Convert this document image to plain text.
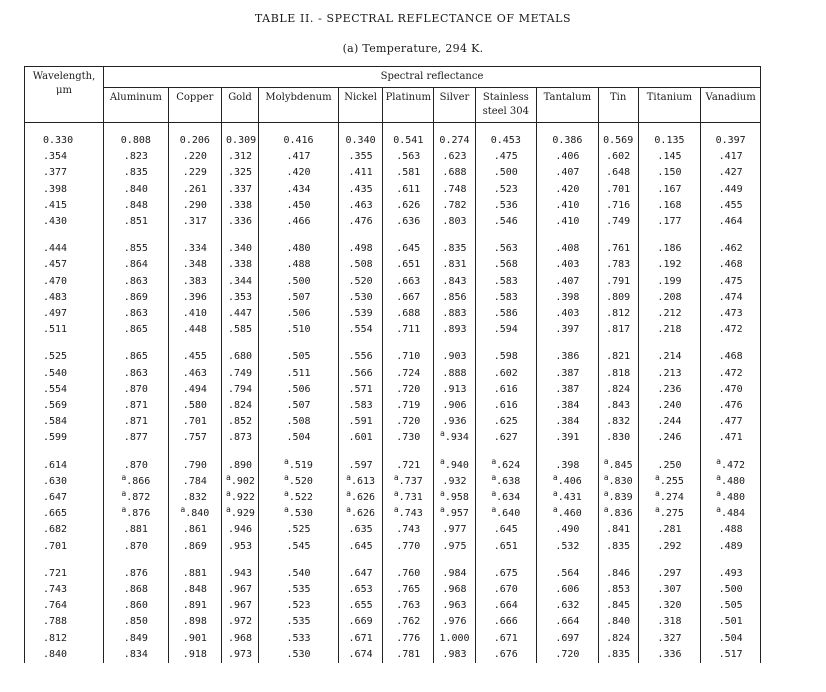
TABLE II. - SPECTRAL REFLECTANCE OF METALS
(a) Temperature, 294 K.
Wavelength,
μm	Spectral reflectance											
	Aluminum	Copper	Gold	Molybdenum	Nickel	Platinum	Silver	Stainless steel 304	Tantalum	Tin	Titanium	Vanadium

0.330	0.808	0.206	0.309	0.416	0.340	0.541	0.274	0.453	0.386	0.569	0.135	0.397
.354	.823	.220	.312	.417	.355	.563	.623	.475	.406	.602	.145	.417
.377	.835	.229	.325	.420	.411	.581	.688	.500	.407	.648	.150	.427
.398	.840	.261	.337	.434	.435	.611	.748	.523	.420	.701	.167	.449
.415	.848	.290	.338	.450	.463	.626	.782	.536	.410	.716	.168	.455
.430	.851	.317	.336	.466	.476	.636	.803	.546	.410	.749	.177	.464

.444	.855	.334	.340	.480	.498	.645	.835	.563	.408	.761	.186	.462
.457	.864	.348	.338	.488	.508	.651	.831	.568	.403	.783	.192	.468
.470	.863	.383	.344	.500	.520	.663	.843	.583	.407	.791	.199	.475
.483	.869	.396	.353	.507	.530	.667	.856	.583	.398	.809	.208	.474
.497	.863	.410	.447	.506	.539	.688	.883	.586	.403	.812	.212	.473
.511	.865	.448	.585	.510	.554	.711	.893	.594	.397	.817	.218	.472

.525	.865	.455	.680	.505	.556	.710	.903	.598	.386	.821	.214	.468
.540	.863	.463	.749	.511	.566	.724	.888	.602	.387	.818	.213	.472
.554	.870	.494	.794	.506	.571	.720	.913	.616	.387	.824	.236	.470
.569	.871	.580	.824	.507	.583	.719	.906	.616	.384	.843	.240	.476
.584	.871	.701	.852	.508	.591	.720	.936	.625	.384	.832	.244	.477
.599	.877	.757	.873	.504	.601	.730	$^a$.934	.627	.391	.830	.246	.471

.614	.870	.790	.890	$^a$.519	.597	.721	$^a$.940	$^a$.624	.398	$^a$.845	.250	$^a$.472
.630	$^a$.866	.784	$^a$.902	$^a$.520	$^a$.613	$^a$.737	.932	$^a$.638	$^a$.406	$^a$.830	$^a$.255	$^a$.480
.647	$^a$.872	.832	$^a$.922	$^a$.522	$^a$.626	$^a$.731	$^a$.958	$^a$.634	$^a$.431	$^a$.839	$^a$.274	$^a$.480
.665	$^a$.876	$^a$.840	$^a$.929	$^a$.530	$^a$.626	$^a$.743	$^a$.957	$^a$.640	$^a$.460	$^a$.836	$^a$.275	$^a$.484
.682	.881	.861	.946	.525	.635	.743	.977	.645	.490	.841	.281	.488
.701	.870	.869	.953	.545	.645	.770	.975	.651	.532	.835	.292	.489

.721	.876	.881	.943	.540	.647	.760	.984	.675	.564	.846	.297	.493
.743	.868	.848	.967	.535	.653	.765	.968	.670	.606	.853	.307	.500
.764	.860	.891	.967	.523	.655	.763	.963	.664	.632	.845	.320	.505
.788	.850	.898	.972	.535	.669	.762	.976	.666	.664	.840	.318	.501
.812	.849	.901	.968	.533	.671	.776	1.000	.671	.697	.824	.327	.504
.840	.834	.918	.973	.530	.674	.781	.983	.676	.720	.835	.336	.517
